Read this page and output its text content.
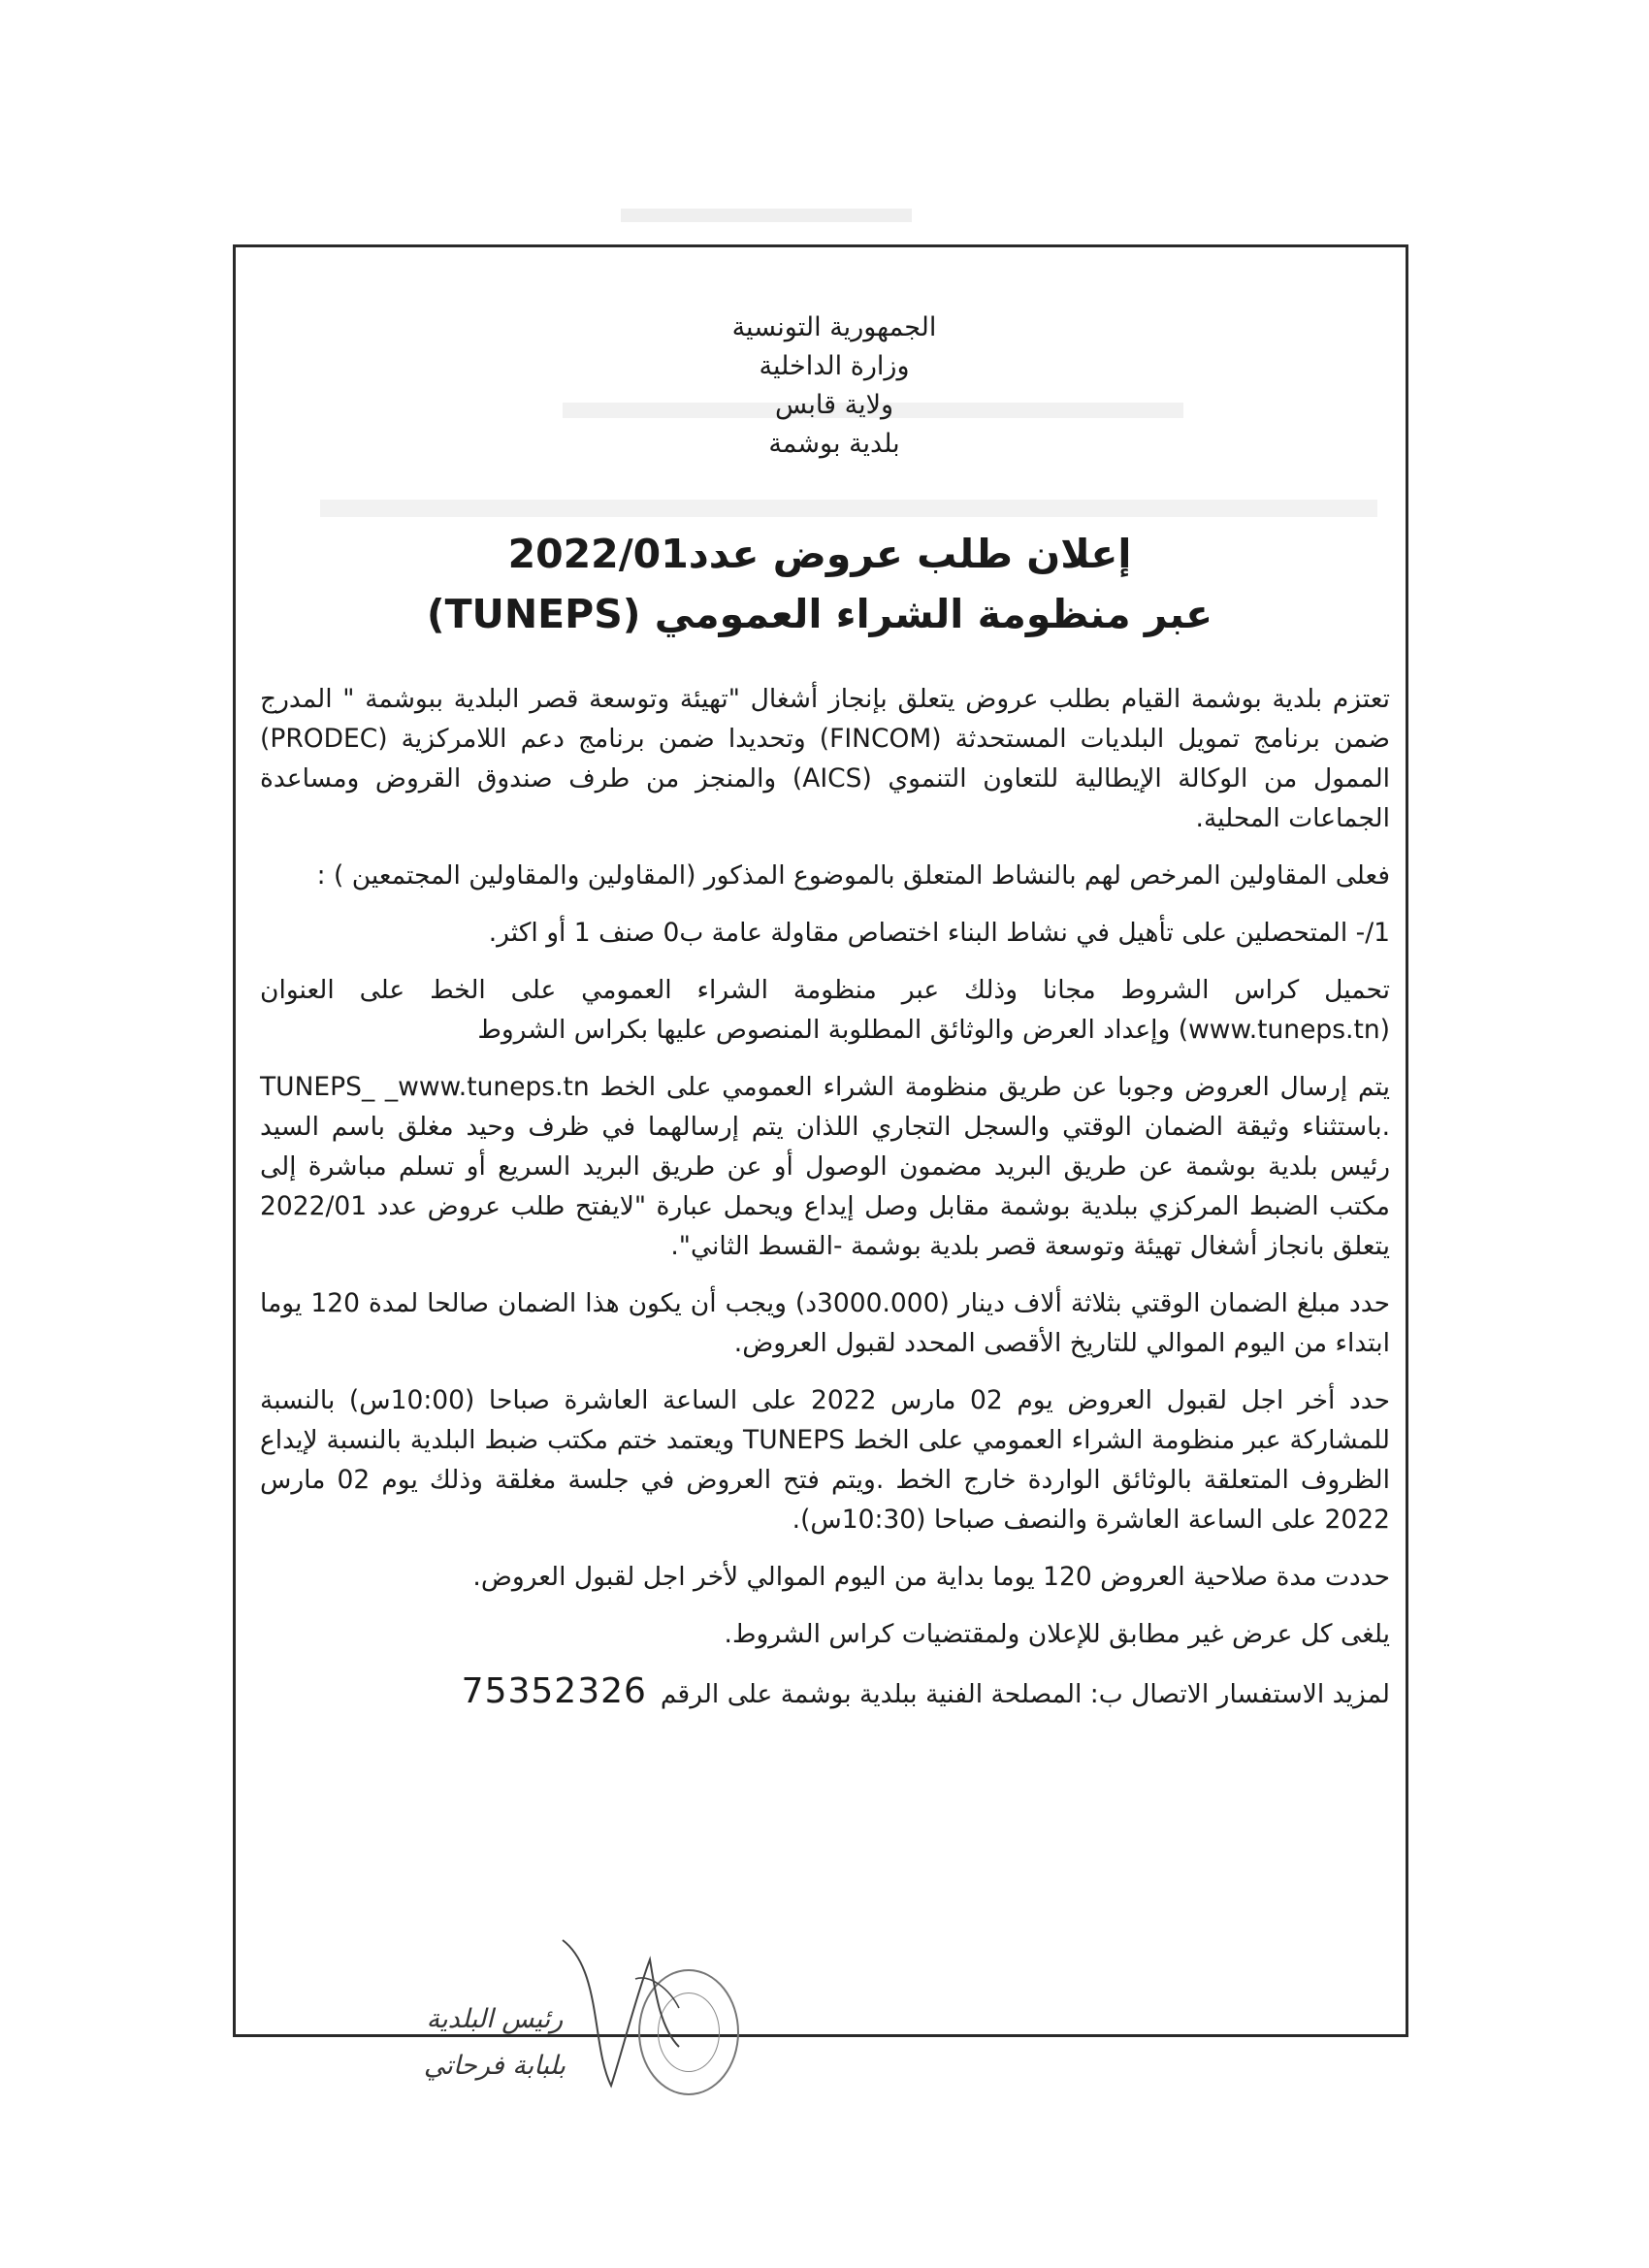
الجمهورية التونسية
وزارة الداخلية
ولاية قابس
بلدية بوشمة
إعلان طلب عروض عدد2022/01
عبر منظومة الشراء العمومي (TUNEPS)

تعتزم بلدية بوشمة القيام بطلب عروض يتعلق بإنجاز أشغال "تهيئة وتوسعة قصر البلدية ببوشمة " المدرج ضمن برنامج تمويل البلديات المستحدثة (FINCOM) وتحديدا ضمن برنامج دعم اللامركزية (PRODEC) الممول من الوكالة الإيطالية للتعاون التنموي (AICS) والمنجز من طرف صندوق القروض ومساعدة الجماعات المحلية.

فعلى المقاولين المرخص لهم بالنشاط المتعلق بالموضوع المذكور (المقاولين والمقاولين المجتمعين ) :

1/- المتحصلين على تأهيل في نشاط البناء اختصاص مقاولة عامة ب0 صنف 1 أو اكثر.

تحميل كراس الشروط مجانا وذلك عبر منظومة الشراء العمومي على الخط على العنوان (www.tuneps.tn) وإعداد العرض والوثائق المطلوبة المنصوص عليها بكراس الشروط

يتم إرسال العروض وجوبا عن طريق منظومة الشراء العمومي على الخط TUNEPS_ _www.tuneps.tn .باستثناء وثيقة الضمان الوقتي والسجل التجاري اللذان يتم إرسالهما في ظرف وحيد مغلق باسم السيد رئيس بلدية بوشمة عن طريق البريد مضمون الوصول أو عن طريق البريد السريع أو تسلم مباشرة إلى مكتب الضبط المركزي ببلدية بوشمة مقابل وصل إيداع ويحمل عبارة "لايفتح طلب عروض عدد 2022/01 يتعلق بانجاز أشغال تهيئة وتوسعة قصر بلدية بوشمة -القسط الثاني".

حدد مبلغ الضمان الوقتي بثلاثة ألاف دينار (3000.000د) ويجب أن يكون هذا الضمان صالحا لمدة 120 يوما ابتداء من اليوم الموالي للتاريخ الأقصى المحدد لقبول العروض.

حدد أخر اجل لقبول العروض يوم 02 مارس 2022 على الساعة العاشرة صباحا (10:00س) بالنسبة للمشاركة عبر منظومة الشراء العمومي على الخط TUNEPS ويعتمد ختم مكتب ضبط البلدية بالنسبة لإيداع الظروف المتعلقة بالوثائق الواردة خارج الخط .ويتم فتح العروض في جلسة مغلقة وذلك يوم 02 مارس 2022 على الساعة العاشرة والنصف صباحا (10:30س).

حددت مدة صلاحية العروض 120 يوما بداية من اليوم الموالي لأخر اجل لقبول العروض.

يلغى كل عرض غير مطابق للإعلان ولمقتضيات كراس الشروط.

لمزيد الاستفسار الاتصال ب: المصلحة الفنية ببلدية بوشمة على الرقم
75352326
رئيس البلدية
بلبابة فرحاتي
